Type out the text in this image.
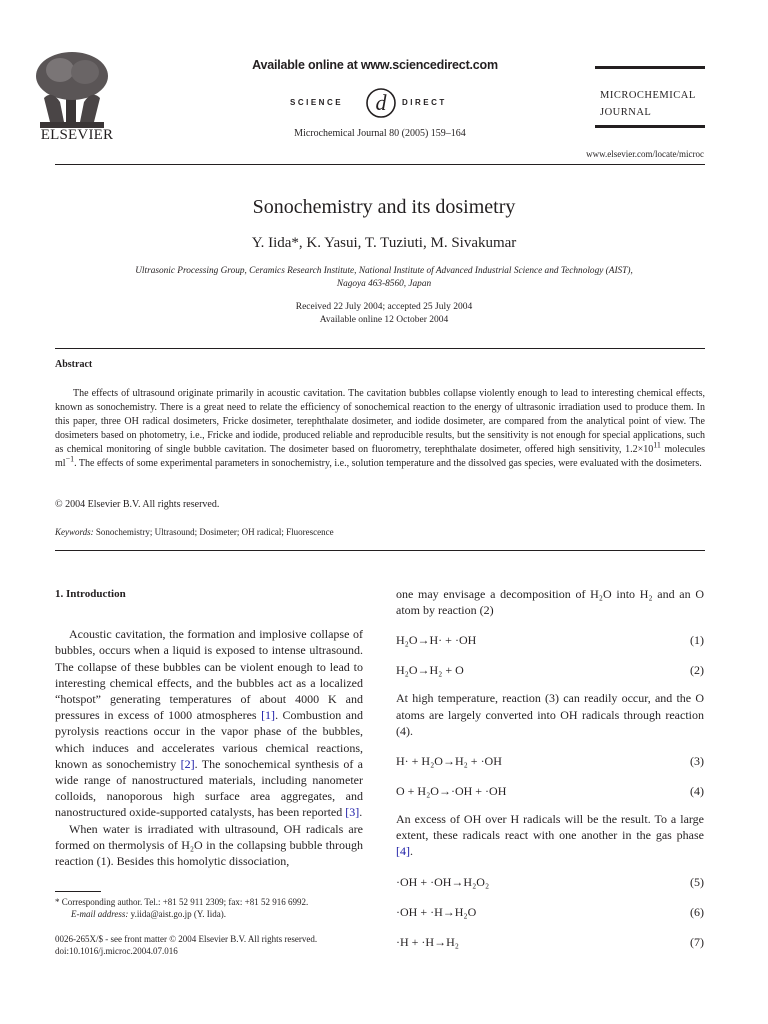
ELSEVIER
Available online at www.sciencedirect.com
SCIENCE d DIRECT
Microchemical Journal 80 (2005) 159–164
MICROCHEMICAL
JOURNAL
www.elsevier.com/locate/microc
Sonochemistry and its dosimetry
Y. Iida*, K. Yasui, T. Tuziuti, M. Sivakumar
Ultrasonic Processing Group, Ceramics Research Institute, National Institute of Advanced Industrial Science and Technology (AIST),
Nagoya 463-8560, Japan
Received 22 July 2004; accepted 25 July 2004
Available online 12 October 2004
Abstract

The effects of ultrasound originate primarily in acoustic cavitation. The cavitation bubbles collapse violently enough to lead to interesting chemical effects, known as sonochemistry. There is a great need to relate the efficiency of sonochemical reaction to the energy of ultrasonic irradiation used to produce them. In this paper, three OH radical dosimeters, Fricke dosimeter, terephthalate dosimeter, and iodide dosimeter, are compared from the analytical point of view. The dosimeters based on photometry, i.e., Fricke and iodide, produced reliable and reproducible results, but the sensitivity is not enough for special applications, such as chemical monitoring of single bubble cavitation. The dosimeter based on fluorometry, terephthalate dosimeter, offered high sensitivity, $1.2\times 10^{11}$ molecules $ml^{-1}$. The effects of some experimental parameters in sonochemistry, i.e., solution temperature and the dissolved gas species, were evaluated with the dosimeters.

© 2004 Elsevier B.V. All rights reserved.
Keywords: Sonochemistry; Ultrasound; Dosimeter; OH radical; Fluorescence
1. Introduction

Acoustic cavitation, the formation and implosive collapse of bubbles, occurs when a liquid is exposed to intense ultrasound. The collapse of these bubbles can be violent enough to lead to interesting chemical effects, and the bubbles act as a localized “hotspot” generating temperatures of about 4000 K and pressures in excess of 1000 atmospheres [1]. Combustion and pyrolysis reactions occur in the vapor phase of the bubbles, which induces and accelerates various chemical reactions, known as sonochemistry [2]. The sonochemical synthesis of a wide range of nanostructured materials, including nanometer colloids, nanoporous high surface area aggregates, and nanostructured oxide-supported catalysts, has been reported [3].

When water is irradiated with ultrasound, OH radicals are formed on thermolysis of H₂O in the collapsing bubble through reaction (1). Besides this homolytic dissociation,

one may envisage a decomposition of H₂O into H₂ and an O atom by reaction (2)

H₂O→H· + ·OH	(1)
H₂O→H₂ + O	(2)

At high temperature, reaction (3) can readily occur, and the O atoms are largely converted into OH radicals through reaction (4).

H· + H₂O→H₂ + ·OH	(3)
O + H₂O→·OH + ·OH	(4)

An excess of OH over H radicals will be the result. To a large extent, these radicals react with one another in the gas phase [4].

·OH + ·OH→H₂O₂	(5)
·OH + ·H→H₂O	(6)
·H + ·H→H₂	(7)
* Corresponding author. Tel.: +81 52 911 2309; fax: +81 52 916 6992.
E-mail address: y.iida@aist.go.jp (Y. Iida).
0026-265X/$ - see front matter © 2004 Elsevier B.V. All rights reserved.
doi:10.1016/j.microc.2004.07.016
